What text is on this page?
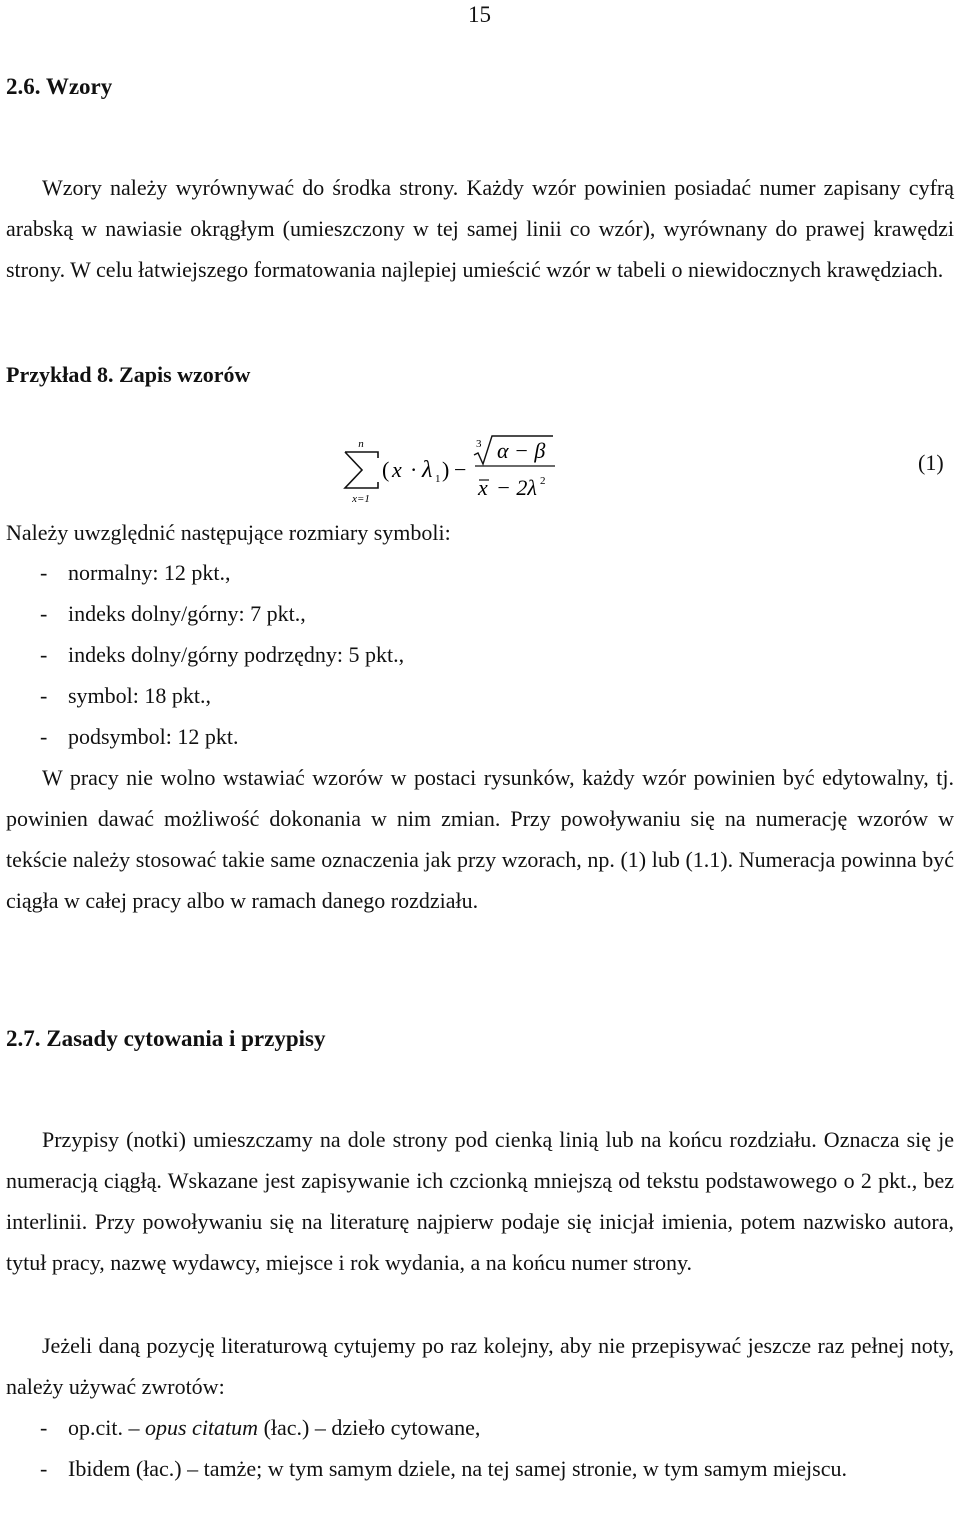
15
2.6. Wzory

Wzory należy wyrównywać do środka strony. Każdy wzór powinien posiadać numer zapisany cyfrą arabską w nawiasie okrągłym (umieszczony w tej samej linii co wzór), wyrównany do prawej krawędzi strony. W celu łatwiejszego formatowania najlepiej umieścić wzór w tabeli o niewidocznych krawędziach.

Przykład 8. Zapis wzorów
n
x=1
( x · λ 1 ) −
3 α − β
x − 2λ 2
(1)
Należy uwzględnić następujące rozmiary symboli:
- normalny: 12 pkt.,
- indeks dolny/górny: 7 pkt.,
- indeks dolny/górny podrzędny: 5 pkt.,
- symbol: 18 pkt.,
- podsymbol: 12 pkt.

W pracy nie wolno wstawiać wzorów w postaci rysunków, każdy wzór powinien być edytowalny, tj. powinien dawać możliwość dokonania w nim zmian. Przy powoływaniu się na numerację wzorów w tekście należy stosować takie same oznaczenia jak przy wzorach, np. (1) lub (1.1). Numeracja powinna być ciągła w całej pracy albo w ramach danego rozdziału.

2.7. Zasady cytowania i przypisy

Przypisy (notki) umieszczamy na dole strony pod cienką linią lub na końcu rozdziału. Oznacza się je numeracją ciągłą. Wskazane jest zapisywanie ich czcionką mniejszą od tekstu podstawowego o 2 pkt., bez interlinii. Przy powoływaniu się na literaturę najpierw podaje się inicjał imienia, potem nazwisko autora, tytuł pracy, nazwę wydawcy, miejsce i rok wydania, a na końcu numer strony.

Jeżeli daną pozycję literaturową cytujemy po raz kolejny, aby nie przepisywać jeszcze raz pełnej noty, należy używać zwrotów:

- op.cit. – opus citatum (łac.) – dzieło cytowane,
- Ibidem (łac.) – tamże; w tym samym dziele, na tej samej stronie, w tym samym miejscu.
